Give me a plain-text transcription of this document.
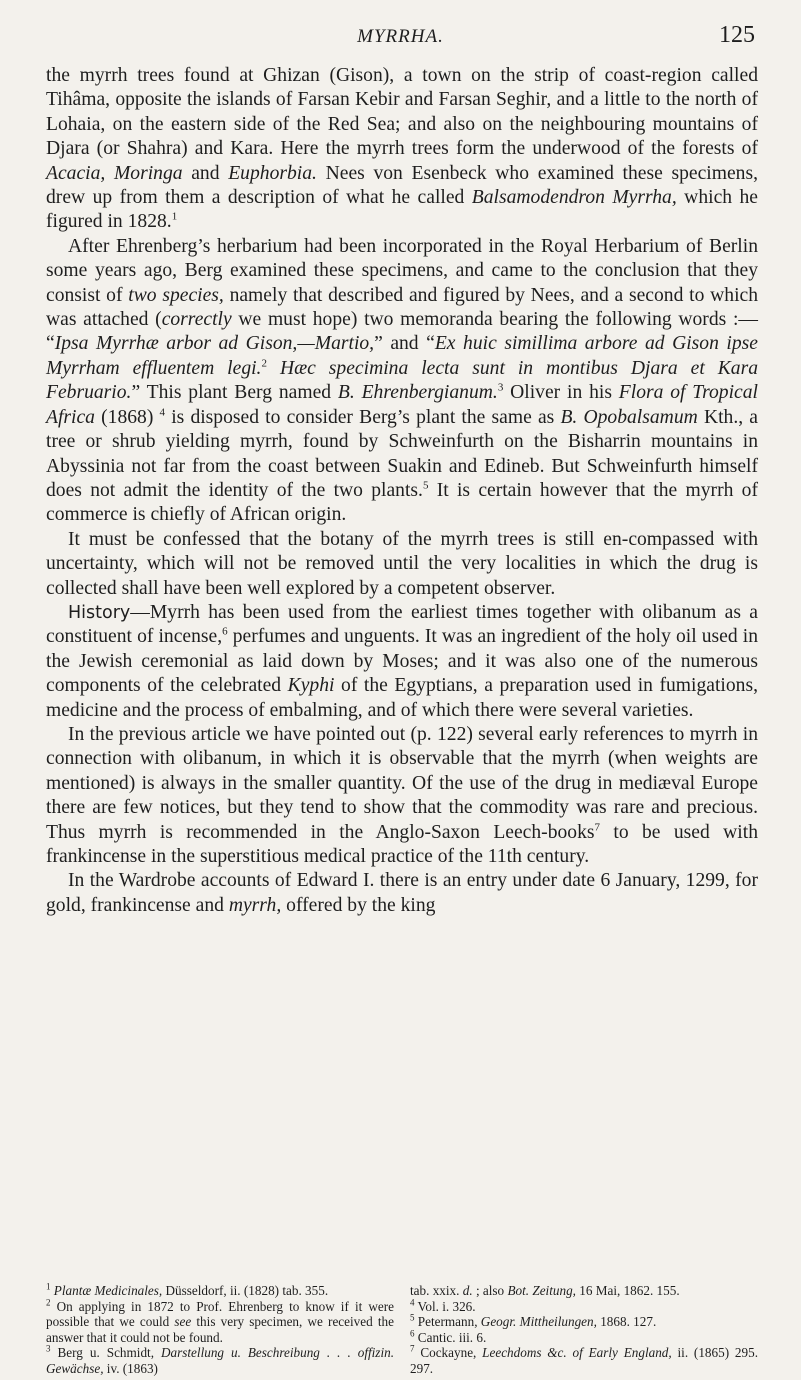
MYRRHA.	125

the myrrh trees found at Ghizan (Gison), a town on the strip of coast-region called Tihâma, opposite the islands of Farsan Kebir and Farsan Seghir, and a little to the north of Lohaia, on the eastern side of the Red Sea; and also on the neighbouring mountains of Djara (or Shahra) and Kara. Here the myrrh trees form the underwood of the forests of Acacia, Moringa and Euphorbia. Nees von Esenbeck who examined these specimens, drew up from them a description of what he called Balsamodendron Myrrha, which he figured in 1828.$^1$

After Ehrenberg’s herbarium had been incorporated in the Royal Herbarium of Berlin some years ago, Berg examined these specimens, and came to the conclusion that they consist of two species, namely that described and figured by Nees, and a second to which was attached (correctly we must hope) two memoranda bearing the following words :— “Ipsa Myrrhæ arbor ad Gison,—Martio,” and “Ex huic simillima arbore ad Gison ipse Myrrham effluentem legi.$^2$ Hæc specimina lecta sunt in montibus Djara et Kara Februario.” This plant Berg named B. Ehrenbergianum.$^3$ Oliver in his Flora of Tropical Africa (1868) $^4$ is disposed to consider Berg’s plant the same as B. Opobalsamum Kth., a tree or shrub yielding myrrh, found by Schweinfurth on the Bisharrin mountains in Abyssinia not far from the coast between Suakin and Edineb. But Schweinfurth himself does not admit the identity of the two plants.$^5$ It is certain however that the myrrh of commerce is chiefly of African origin.

It must be confessed that the botany of the myrrh trees is still en-compassed with uncertainty, which will not be removed until the very localities in which the drug is collected shall have been well explored by a competent observer.

History—Myrrh has been used from the earliest times together with olibanum as a constituent of incense,$^6$ perfumes and unguents. It was an ingredient of the holy oil used in the Jewish ceremonial as laid down by Moses; and it was also one of the numerous components of the celebrated Kyphi of the Egyptians, a preparation used in fumigations, medicine and the process of embalming, and of which there were several varieties.

In the previous article we have pointed out (p. 122) several early references to myrrh in connection with olibanum, in which it is observable that the myrrh (when weights are mentioned) is always in the smaller quantity. Of the use of the drug in mediæval Europe there are few notices, but they tend to show that the commodity was rare and precious. Thus myrrh is recommended in the Anglo-Saxon Leech-books$^7$ to be used with frankincense in the superstitious medical practice of the 11th century.

In the Wardrobe accounts of Edward I. there is an entry under date 6 January, 1299, for gold, frankincense and myrrh, offered by the king

$^1$ Plantæ Medicinales, Düsseldorf, ii. (1828) tab. 355.
$^2$ On applying in 1872 to Prof. Ehrenberg to know if it were possible that we could see this very specimen, we received the answer that it could not be found.
$^3$ Berg u. Schmidt, Darstellung u. Beschreibung . . . offizin. Gewächse, iv. (1863)
tab. xxix. d. ; also Bot. Zeitung, 16 Mai, 1862. 155.
$^4$ Vol. i. 326.
$^5$ Petermann, Geogr. Mittheilungen, 1868. 127.
$^6$ Cantic. iii. 6.
$^7$ Cockayne, Leechdoms &c. of Early England, ii. (1865) 295. 297.
